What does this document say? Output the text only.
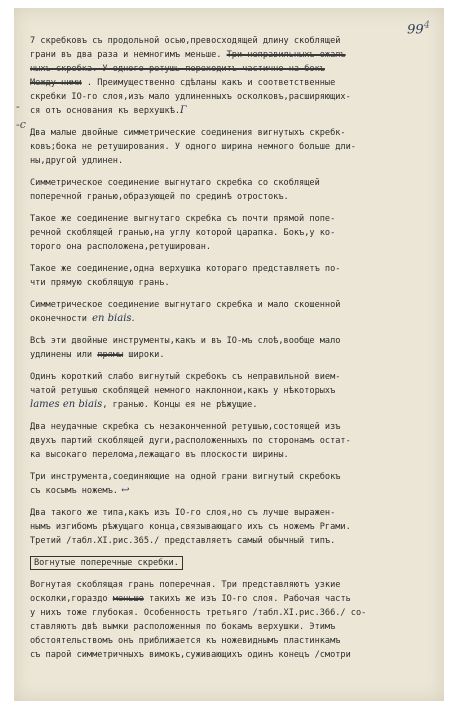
$99^4$
-
-с
7 скребковъ съ продольной осью,превосходящей длину скоблящей
грани въ два раза и немногимъ меньше. Три неправильныхъ ожалъ
ныхъ скребка. У одного ретушь переходитъ частично на бокъ
Между ними . Преимущественно сдѣланы какъ и соответственные
скребки IO-го слоя,изъ мало удлиненныхъ осколковъ,расширяющих-
ся отъ основания къ верхушкѣ.Г
Два малые двойные симметрические соединения вигнутыхъ скребк-
ковъ;бока не ретуширования. У одного ширина немного больше дли-
ны,другой удлинен.
Симметрическое соединение выгнутаго скребка со скоблящей
поперечной гранью,образующей по срединѣ отростокъ.
Такое же соединение выгнутаго скребка съ почти прямой попе-
речной скоблящей гранью,на углу которой царапка. Бокъ,у ко-
торого она расположена,ретуширован.
Такое же соединение,одна верхушка котораго представляетъ по-
чти прямую скоблящую грань.
Симметрическое соединение выгнутаго скребка и мало скошенной
оконечности en biais.
Всѣ эти двойные инструменты,какъ и въ IO-мъ слоѣ,вообще мало
удлинены или прямы широки.
Одинъ короткий слабо вигнутый скребокъ съ неправильной вием-
чатой ретушью скоблящей немного наклоннои,какъ у нѣкоторыхъ
lames en biais, гранью. Концы ея не рѣжущие.
Два неудачные скребка съ незаконченной ретушью,состоящей изъ
двухъ партий скоблящей дуги,расположенныхъ по сторонамъ остат-
ка высокаго перелома,лежащаго въ плоскости ширины.
Три инструмента,соединяющие на одной грани вигнутый скребокъ
съ косымъ ножемъ. ↩
Два такого же типа,какъ изъ IO-го слоя,но съ лучше выражен-
нымъ изгибомъ рѣжущаго конца,связывающаго ихъ съ ножемъ Ргами.
Третий /табл.XI.рис.365./ представляетъ самый обычный типъ.
Вогнутые поперечные скребки.
Вогнутая скоблящая грань поперечная. Три представляютъ узкие
оcколки,гораздо меньше такихъ же изъ IO-го слоя. Рабочая часть
у нихъ тоже глубокая. Особенность третьяго /табл.XI.рис.366./ со-
ставляютъ двѣ вымки расположенныя по бокамъ верхушки. Этимъ
обстоятельствомъ онъ приближается къ ножевиднымъ пластинкамъ
съ парой симметричныхъ вимокъ,суживающихъ одинъ конецъ /смотри
